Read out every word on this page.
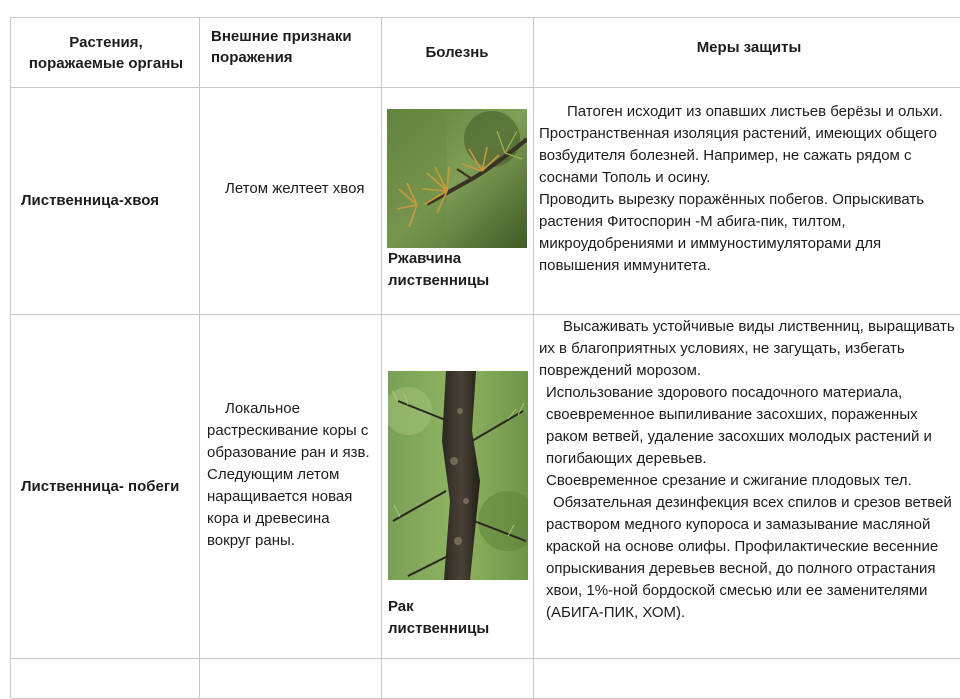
Растения, поражаемые органы
Внешние признаки поражения	Болезнь	Меры защиты
Лиственница-хвоя
Летом желтеет хвоя
Ржавчина лиственницы

Патоген исходит из опавших листьев берёзы и ольхи.

Пространственная изоляция растений, имеющих общего возбудителя болезней. Например, не сажать рядом с соснами Тополь и осину.

Проводить вырезку поражённых побегов. Опрыскивать растения Фитоспорин -М абига-пик, тилтом, микроудобрениями и иммуностимуляторами для повышения иммунитета.

Лиственница- побеги
Локальное растрескивание коры с образование ран и язв. Следующим летом наращивается новая кора и древесина вокруг раны.
Рак лиственницы

Высаживать устойчивые виды лиственниц, выращивать их в благоприятных условиях, не загущать, избегать повреждений морозом.

Использование здорового посадочного материала, своевременное выпиливание засохших, пораженных раком ветвей, удаление засохших молодых растений и погибающих деревьев.

Своевременное срезание и сжигание плодовых тел.

Обязательная дезинфекция всех спилов и срезов ветвей раствором медного купороса и замазывание масляной краской на основе олифы. Профилактические весенние опрыскивания деревьев весной, до полного отрастания хвои, 1%-ной бордоской смесью или ее заменителями (АБИГА-ПИК, ХОМ).
